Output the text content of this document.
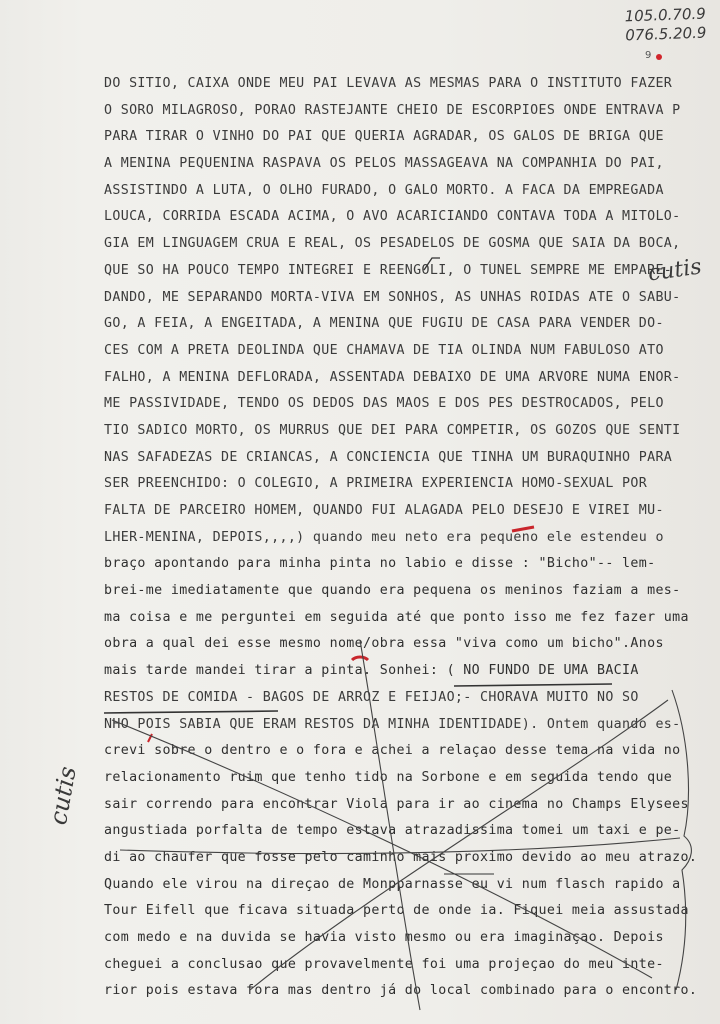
105.0.70.9
076.5.20.9
9
DO SITIO, CAIXA ONDE MEU PAI LEVAVA AS MESMAS PARA O INSTITUTO FAZER
O SORO MILAGROSO, PORAO RASTEJANTE CHEIO DE ESCORPIOES ONDE ENTRAVA P
PARA TIRAR O VINHO DO PAI QUE QUERIA AGRADAR, OS GALOS DE BRIGA QUE
A MENINA PEQUENINA RASPAVA OS PELOS MASSAGEAVA NA COMPANHIA DO PAI,
ASSISTINDO A LUTA, O OLHO FURADO, O GALO MORTO. A FACA DA EMPREGADA
LOUCA, CORRIDA ESCADA ACIMA, O AVO ACARICIANDO CONTAVA TODA A MITOLO-
GIA EM LINGUAGEM CRUA E REAL, OS PESADELOS DE GOSMA QUE SAIA DA BOCA,
QUE SO HA POUCO TEMPO INTEGREI E REENGOLI, O TUNEL SEMPRE ME EMPARE-
DANDO, ME SEPARANDO MORTA-VIVA EM SONHOS, AS UNHAS ROIDAS ATE O SABU-
GO, A FEIA, A ENGEITADA, A MENINA QUE FUGIU DE CASA PARA VENDER DO-
CES COM A PRETA DEOLINDA QUE CHAMAVA DE TIA OLINDA NUM FABULOSO ATO
FALHO, A MENINA DEFLORADA, ASSENTADA DEBAIXO DE UMA ARVORE NUMA ENOR-
ME PASSIVIDADE, TENDO OS DEDOS DAS MAOS E DOS PES DESTROCADOS, PELO
TIO SADICO MORTO, OS MURRUS QUE DEI PARA COMPETIR, OS GOZOS QUE SENTI
NAS SAFADEZAS DE CRIANCAS, A CONCIENCIA QUE TINHA UM BURAQUINHO PARA
SER PREENCHIDO: O COLEGIO, A PRIMEIRA EXPERIENCIA HOMO-SEXUAL POR
FALTA DE PARCEIRO HOMEM, QUANDO FUI ALAGADA PELO DESEJO E VIREI MU-
LHER-MENINA, DEPOIS,,,,) quando meu neto era pequeno ele estendeu o
braço apontando para minha pinta no labio e disse : "Bicho"-- lem-
brei-me imediatamente que quando era pequena os meninos faziam a mes-
ma coisa e me perguntei em seguida até que ponto isso me fez fazer uma
obra a qual dei esse mesmo nome/obra essa "viva como um bicho".Anos
mais tarde mandei tirar a pinta. Sonhei: ( NO FUNDO DE UMA BACIA
RESTOS DE COMIDA - BAGOS DE ARROZ E FEIJAO;- CHORAVA MUITO NO SO
NHO POIS SABIA QUE ERAM RESTOS DA MINHA IDENTIDADE). Ontem quando es-
crevi sobre o dentro e o fora e achei a relaçao desse tema na vida no
relacionamento ruim que tenho tido na Sorbone e em seguida tendo que
sair correndo para encontrar Viola para ir ao cinema no Champs Elysees
angustiada porfalta de tempo estava atrazadissima tomei um taxi e pe-
di ao chaufer que fosse pelo caminho mais proximo devido ao meu atrazo.
Quando ele virou na direçao de Monpparnasse eu vi num flasch rapido a
Tour Eifell que ficava situada perto de onde ia. Fiquei meia assustada
com medo e na duvida se havia visto mesmo ou era imaginaçao. Depois
cheguei a conclusao que provavelmente foi uma projeçao do meu inte-
rior pois estava fora mas dentro já do local combinado para o encontro.
cutis
cutis
